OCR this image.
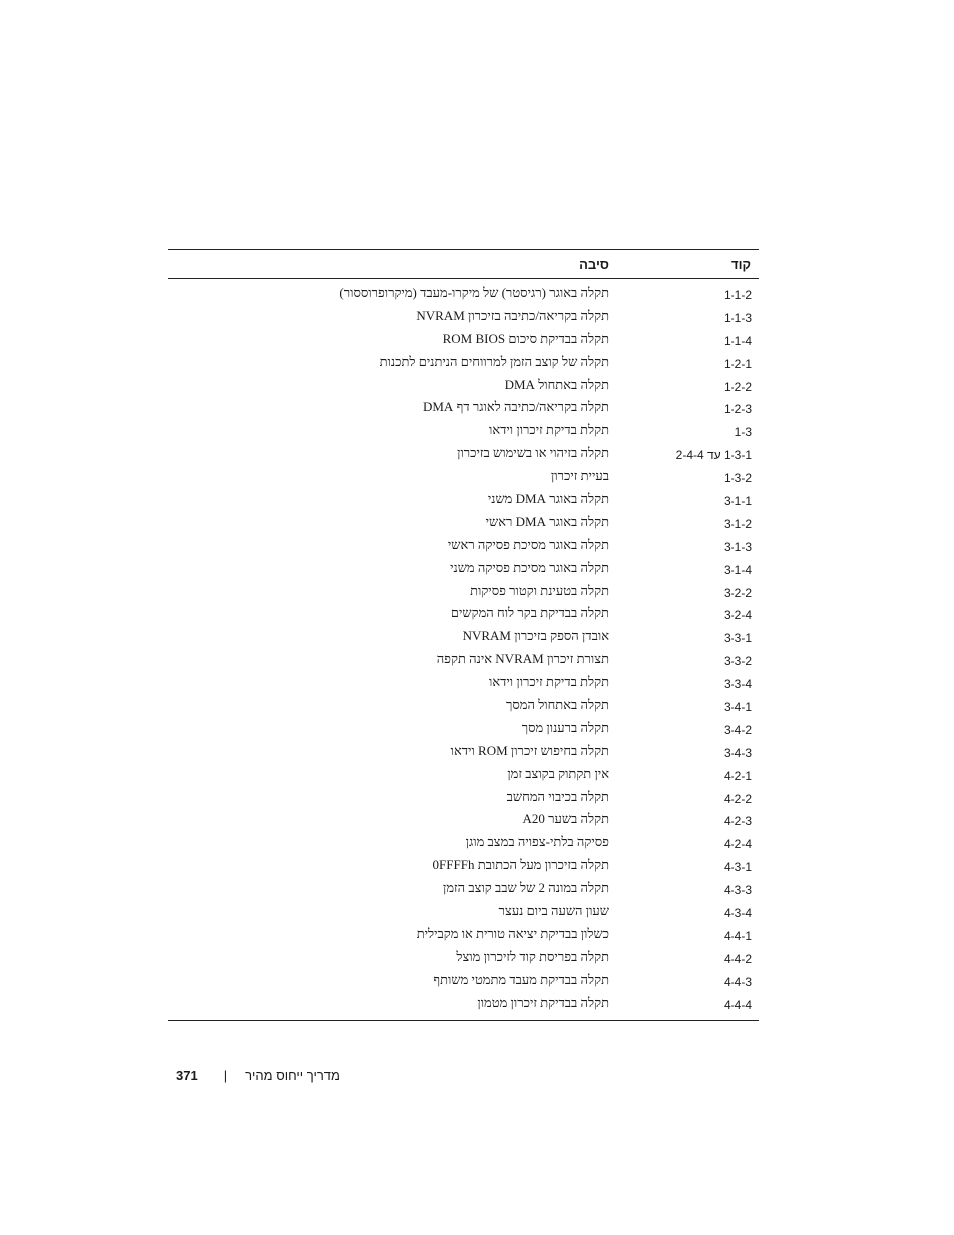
קוד
סיבה
1-1-2
תקלה באוגר (רגיסטר) של מיקרו-מעבד (מיקרופרוססור)
1-1-3
תקלה בקריאה/כתיבה בזיכרון NVRAM
1-1-4
תקלה בבדיקת סיכום ROM BIOS
1-2-1
תקלה של קוצב הזמן למרווחים הניתנים לתכנות
1-2-2
תקלה באתחול DMA
1-2-3
תקלה בקריאה/כתיבה לאוגר דף DMA
1-3
תקלת בדיקת זיכרון וידאו
1-3-1 עד 2-4-4
תקלה בזיהוי או בשימוש בזיכרון
1-3-2
בעיית זיכרון
3-1-1
תקלה באוגר DMA משני
3-1-2
תקלה באוגר DMA ראשי
3-1-3
תקלה באוגר מסיכת פסיקה ראשי
3-1-4
תקלה באוגר מסיכת פסיקה משני
3-2-2
תקלה בטעינת וקטור פסיקות
3-2-4
תקלה בבדיקת בקר לוח המקשים
3-3-1
אובדן הספק בזיכרון NVRAM
3-3-2
תצורת זיכרון NVRAM אינה תקפה
3-3-4
תקלת בדיקת זיכרון וידאו
3-4-1
תקלה באתחול המסך
3-4-2
תקלה ברענון מסך
3-4-3
תקלה בחיפוש זיכרון ROM וידאו
4-2-1
אין תקתוק בקוצב זמן
4-2-2
תקלה בכיבוי המחשב
4-2-3
תקלה בשער A20
4-2-4
פסיקה בלתי-צפויה במצב מוגן
4-3-1
תקלה בזיכרון מעל הכתובת 0FFFFh
4-3-3
תקלה במונה 2 של שבב קוצב הזמן
4-3-4
שעון השעה ביום נעצר
4-4-1
כשלון בבדיקת יציאה טורית או מקבילית
4-4-2
תקלה בפריסת קוד לזיכרון מוצל
4-4-3
תקלה בבדיקת מעבד מתמטי משותף
4-4-4
תקלה בבדיקת זיכרון מטמון
371 | מדריך ייחוס מהיר
